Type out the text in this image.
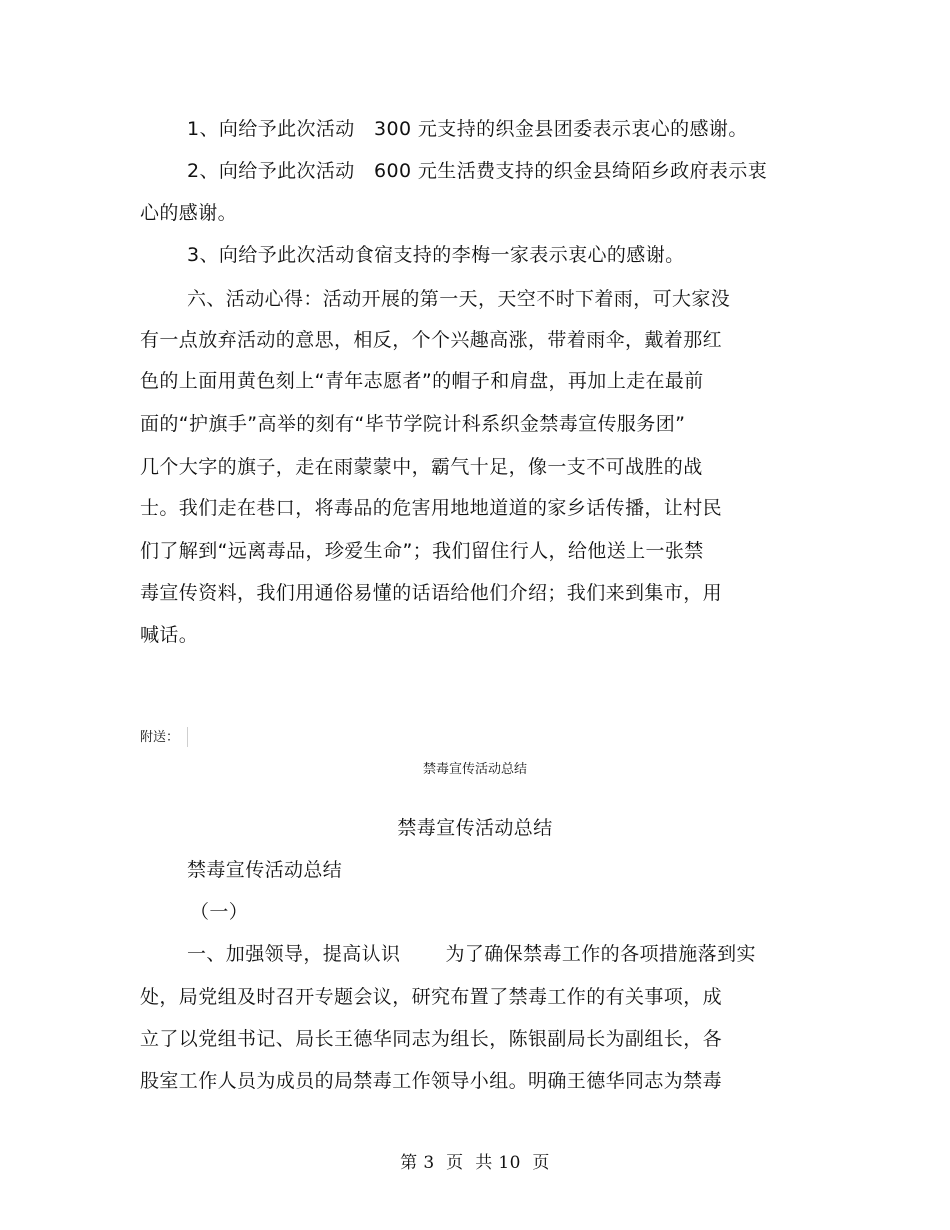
1、向给予此次活动   300 元支持的织金县团委表示衷心的感谢。
2、向给予此次活动   600 元生活费支持的织金县绮陌乡政府表示衷
心的感谢。
3、向给予此次活动食宿支持的李梅一家表示衷心的感谢。
六、活动心得：活动开展的第一天，天空不时下着雨，可大家没
有一点放弃活动的意思，相反，个个兴趣高涨，带着雨伞，戴着那红
色的上面用黄色刻上“青年志愿者”的帽子和肩盘，再加上走在最前
面的“护旗手”高举的刻有“毕节学院计科系织金禁毒宣传服务团”
几个大字的旗子，走在雨蒙蒙中，霸气十足，像一支不可战胜的战
士。我们走在巷口，将毒品的危害用地地道道的家乡话传播，让村民
们了解到“远离毒品，珍爱生命”；我们留住行人，给他送上一张禁
毒宣传资料，我们用通俗易懂的话语给他们介绍；我们来到集市，用
喊话。
附送：
禁毒宣传活动总结
禁毒宣传活动总结
禁毒宣传活动总结
（一）
一、加强领导，提高认识       为了确保禁毒工作的各项措施落到实
处，局党组及时召开专题会议，研究布置了禁毒工作的有关事项，成
立了以党组书记、局长王德华同志为组长，陈银副局长为副组长，各
股室工作人员为成员的局禁毒工作领导小组。明确王德华同志为禁毒
第 3  页  共 10  页
